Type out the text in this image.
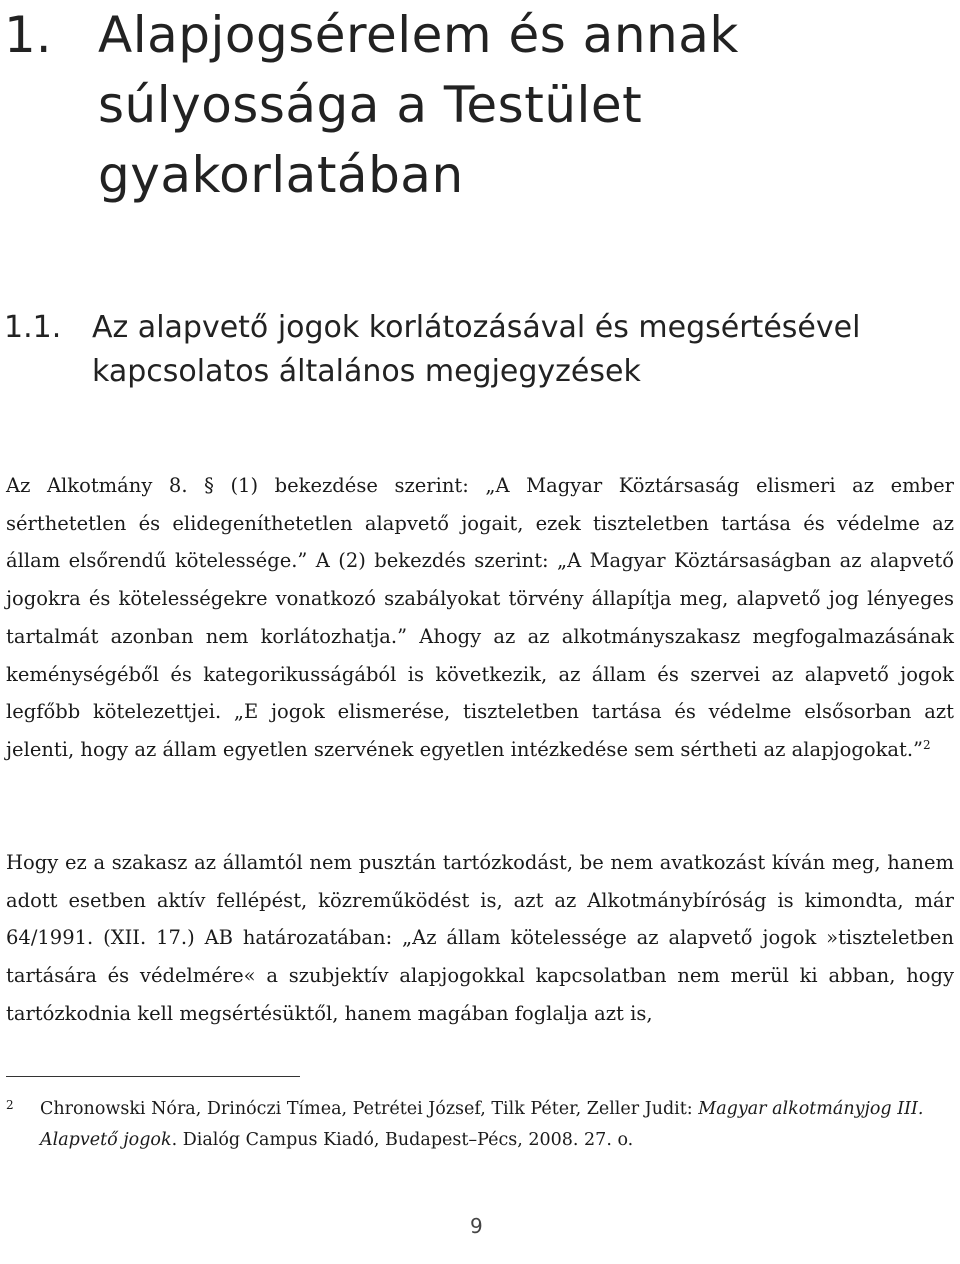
1. Alapjogsérelem és annak súlyossága a Testület gyakorlatában
1.1. Az alapvető jogok korlátozásával és megsértésével kapcsolatos általános megjegyzések

Az Alkotmány 8. § (1) bekezdése szerint: „A Magyar Köztársaság elismeri az ember sérthetetlen és elidegeníthetetlen alapvető jogait, ezek tiszteletben tartása és védelme az állam elsőrendű kötelessége.” A (2) bekezdés szerint: „A Magyar Köztársaságban az alapvető jogokra és kötelességekre vonatkozó szabályokat törvény állapítja meg, alapvető jog lényeges tartalmát azonban nem korlátozhatja.” Ahogy az az alkotmányszakasz megfogalmazásának keménységéből és kategorikusságából is következik, az állam és szervei az alapvető jogok legfőbb kötelezettjei. „E jogok elismerése, tiszteletben tartása és védelme elsősorban azt jelenti, hogy az állam egyetlen szervének egyetlen intézkedése sem sértheti az alapjogokat.”$^2$

Hogy ez a szakasz az államtól nem pusztán tartózkodást, be nem avatkozást kíván meg, hanem adott esetben aktív fellépést, közreműködést is, azt az Alkotmánybíróság is kimondta, már 64/1991. (XII. 17.) AB határozatában: „Az állam kötelessége az alapvető jogok »tiszteletben tartására és védelmére« a szubjektív alapjogokkal kapcsolatban nem merül ki abban, hogy tartózkodnia kell megsértésüktől, hanem magában foglalja azt is,

2 Chronowski Nóra, Drinóczi Tímea, Petrétei József, Tilk Péter, Zeller Judit: Magyar alkotmányjog III. Alapvető jogok. Dialóg Campus Kiadó, Budapest–Pécs, 2008. 27. o.

9
